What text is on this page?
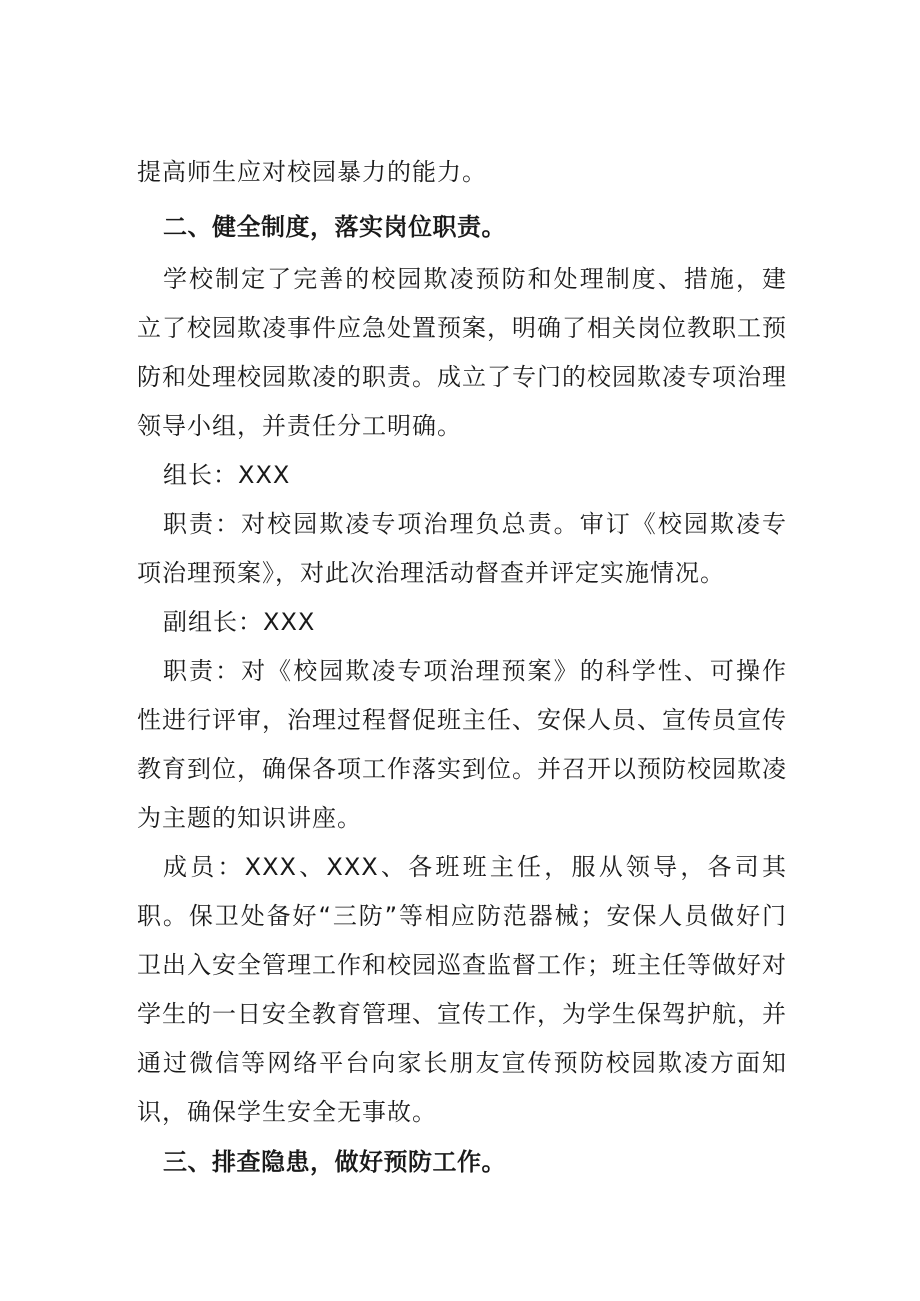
提高师生应对校园暴力的能力。

二、健全制度，落实岗位职责。

学校制定了完善的校园欺凌预防和处理制度、措施，建立了校园欺凌事件应急处置预案，明确了相关岗位教职工预防和处理校园欺凌的职责。成立了专门的校园欺凌专项治理领导小组，并责任分工明确。

组长：XXX

职责：对校园欺凌专项治理负总责。审订《校园欺凌专项治理预案》，对此次治理活动督查并评定实施情况。

副组长：XXX

职责：对《校园欺凌专项治理预案》的科学性、可操作性进行评审，治理过程督促班主任、安保人员、宣传员宣传教育到位，确保各项工作落实到位。并召开以预防校园欺凌为主题的知识讲座。

成员：XXX、XXX、各班班主任，服从领导，各司其职。保卫处备好“三防”等相应防范器械；安保人员做好门卫出入安全管理工作和校园巡查监督工作；班主任等做好对学生的一日安全教育管理、宣传工作，为学生保驾护航，并通过微信等网络平台向家长朋友宣传预防校园欺凌方面知识，确保学生安全无事故。

三、排查隐患，做好预防工作。
